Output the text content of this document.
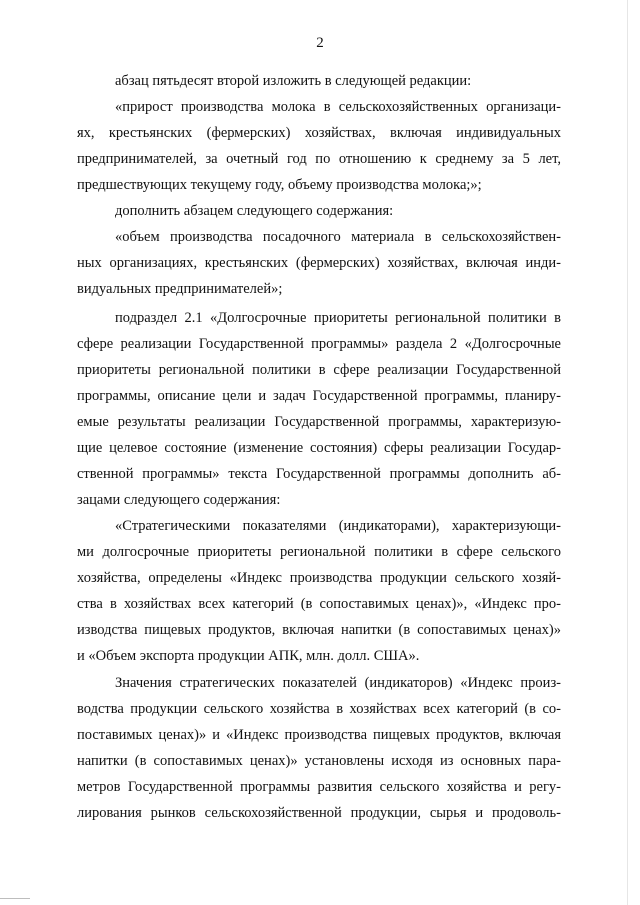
2
абзац пятьдесят второй изложить в следующей редакции:
«прирост производства молока в сельскохозяйственных организаци-
ях, крестьянских (фермерских) хозяйствах, включая индивидуальных
предпринимателей, за очетный год по отношению к среднему за 5 лет,
предшествующих текущему году, объему производства молока;»;
дополнить абзацем следующего содержания:
«объем производства посадочного материала в сельскохозяйствен-
ных организациях, крестьянских (фермерских) хозяйствах, включая инди-
видуальных предпринимателей»;
подраздел 2.1 «Долгосрочные приоритеты региональной политики в
сфере реализации Государственной программы» раздела 2 «Долгосрочные
приоритеты региональной политики в сфере реализации Государственной
программы, описание цели и задач Государственной программы, планиру-
емые результаты реализации Государственной программы, характеризую-
щие целевое состояние (изменение состояния) сферы реализации Государ-
ственной программы» текста Государственной программы дополнить аб-
зацами следующего содержания:
«Стратегическими показателями (индикаторами), характеризующи-
ми долгосрочные приоритеты региональной политики в сфере сельского
хозяйства, определены «Индекс производства продукции сельского хозяй-
ства в хозяйствах всех категорий (в сопоставимых ценах)», «Индекс про-
изводства пищевых продуктов, включая напитки (в сопоставимых ценах)»
и «Объем экспорта продукции АПК, млн. долл. США».
Значения стратегических показателей (индикаторов) «Индекс произ-
водства продукции сельского хозяйства в хозяйствах всех категорий (в со-
поставимых ценах)» и «Индекс производства пищевых продуктов, включая
напитки (в сопоставимых ценах)» установлены исходя из основных пара-
метров Государственной программы развития сельского хозяйства и регу-
лирования рынков сельскохозяйственной продукции, сырья и продоволь-
